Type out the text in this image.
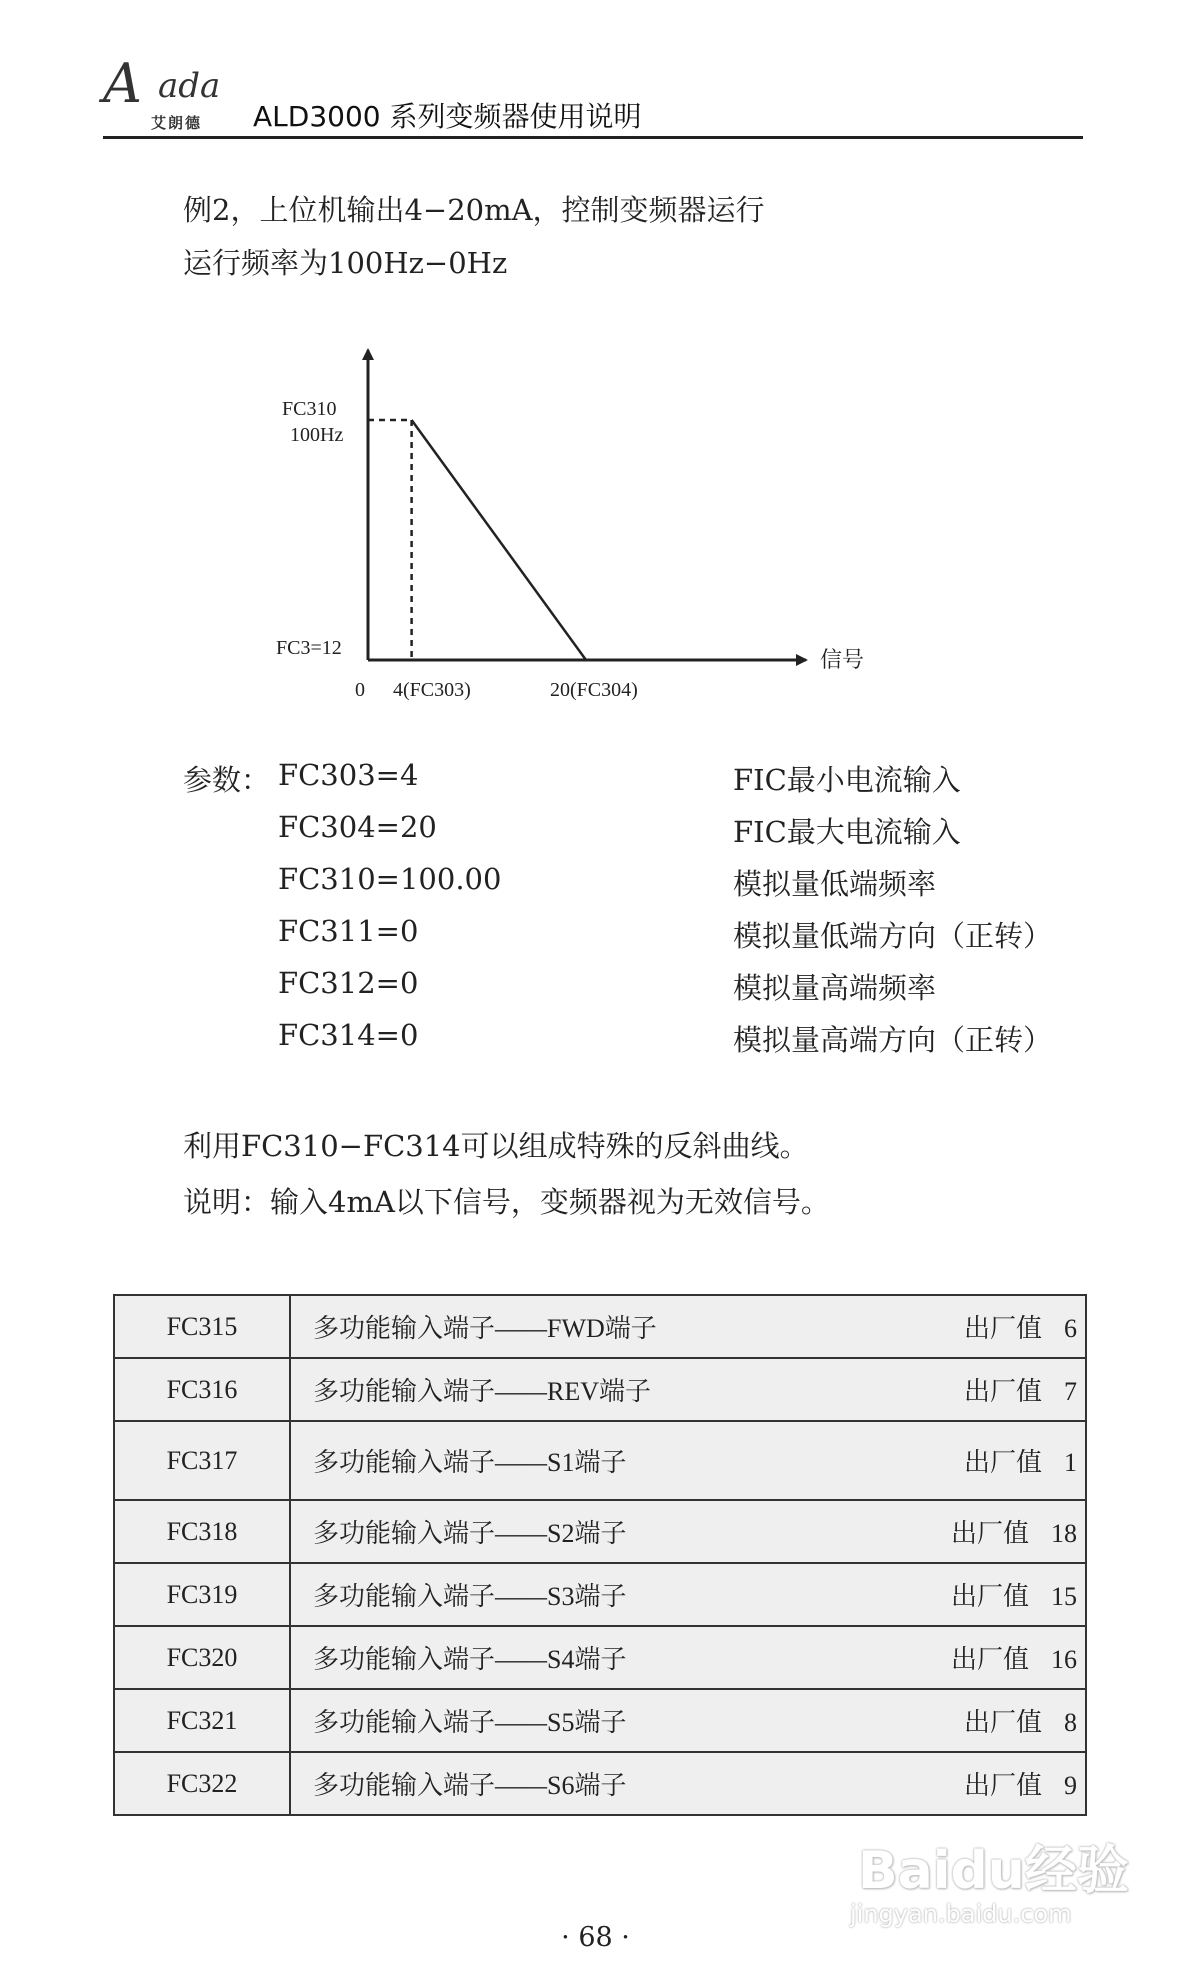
A ada
艾朗德 ALD3000 系列变频器使用说明
例2，上位机输出4−20mA，控制变频器运行
运行频率为100Hz−0Hz
FC310
100Hz
FC3=12	信号
0 4(FC303)	20(FC304)
参数： FC303=4	FIC最小电流输入
FC304=20	FIC最大电流输入
FC310=100.00	模拟量低端频率
FC311=0	模拟量低端方向（正转）
FC312=0	模拟量高端频率
FC314=0	模拟量高端方向（正转）
利用FC310−FC314可以组成特殊的反斜曲线。
说明：输入4mA以下信号，变频器视为无效信号。
FC315	多功能输入端子——FWD端子	出厂值 6
FC316	多功能输入端子——REV端子	出厂值 7
FC317	多功能输入端子——S1端子	出厂值 1
FC318	多功能输入端子——S2端子	出厂值 18
FC319	多功能输入端子——S3端子	出厂值 15
FC320	多功能输入端子——S4端子	出厂值 16
FC321	多功能输入端子——S5端子	出厂值 8
FC322	多功能输入端子——S6端子	出厂值 9
· 68 ·
Baidu经验
jingyan.baidu.com
